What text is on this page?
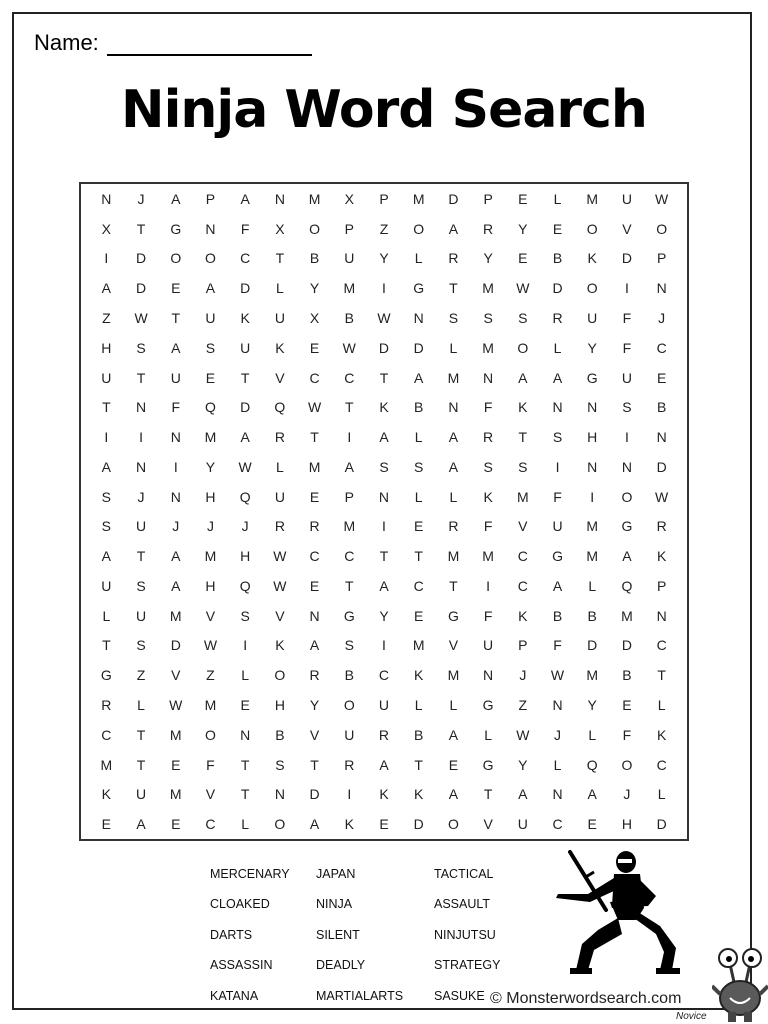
Name:
Ninja Word Search
N	J	A	P	A	N	M	X	P	M	D	P	E	L	M	U	W
X	T	G	N	F	X	O	P	Z	O	A	R	Y	E	O	V	O
I	D	O	O	C	T	B	U	Y	L	R	Y	E	B	K	D	P
A	D	E	A	D	L	Y	M	I	G	T	M	W	D	O	I	N
Z	W	T	U	K	U	X	B	W	N	S	S	S	R	U	F	J
H	S	A	S	U	K	E	W	D	D	L	M	O	L	Y	F	C
U	T	U	E	T	V	C	C	T	A	M	N	A	A	G	U	E
T	N	F	Q	D	Q	W	T	K	B	N	F	K	N	N	S	B
I	I	N	M	A	R	T	I	A	L	A	R	T	S	H	I	N
A	N	I	Y	W	L	M	A	S	S	A	S	S	I	N	N	D
S	J	N	H	Q	U	E	P	N	L	L	K	M	F	I	O	W
S	U	J	J	J	R	R	M	I	E	R	F	V	U	M	G	R
A	T	A	M	H	W	C	C	T	T	M	M	C	G	M	A	K
U	S	A	H	Q	W	E	T	A	C	T	I	C	A	L	Q	P
L	U	M	V	S	V	N	G	Y	E	G	F	K	B	B	M	N
T	S	D	W	I	K	A	S	I	M	V	U	P	F	D	D	C
G	Z	V	Z	L	O	R	B	C	K	M	N	J	W	M	B	T
R	L	W	M	E	H	Y	O	U	L	L	G	Z	N	Y	E	L
C	T	M	O	N	B	V	U	R	B	A	L	W	J	L	F	K
M	T	E	F	T	S	T	R	A	T	E	G	Y	L	Q	O	C
K	U	M	V	T	N	D	I	K	K	A	T	A	N	A	J	L
E	A	E	C	L	O	A	K	E	D	O	V	U	C	E	H	D
MERCENARY	JAPAN	TACTICAL
CLOAKED	NINJA	ASSAULT
DARTS	SILENT	NINJUTSU
ASSASSIN	DEADLY	STRATEGY
KATANA	MARTIALARTS	SASUKE © Monsterwordsearch.com
Novice
